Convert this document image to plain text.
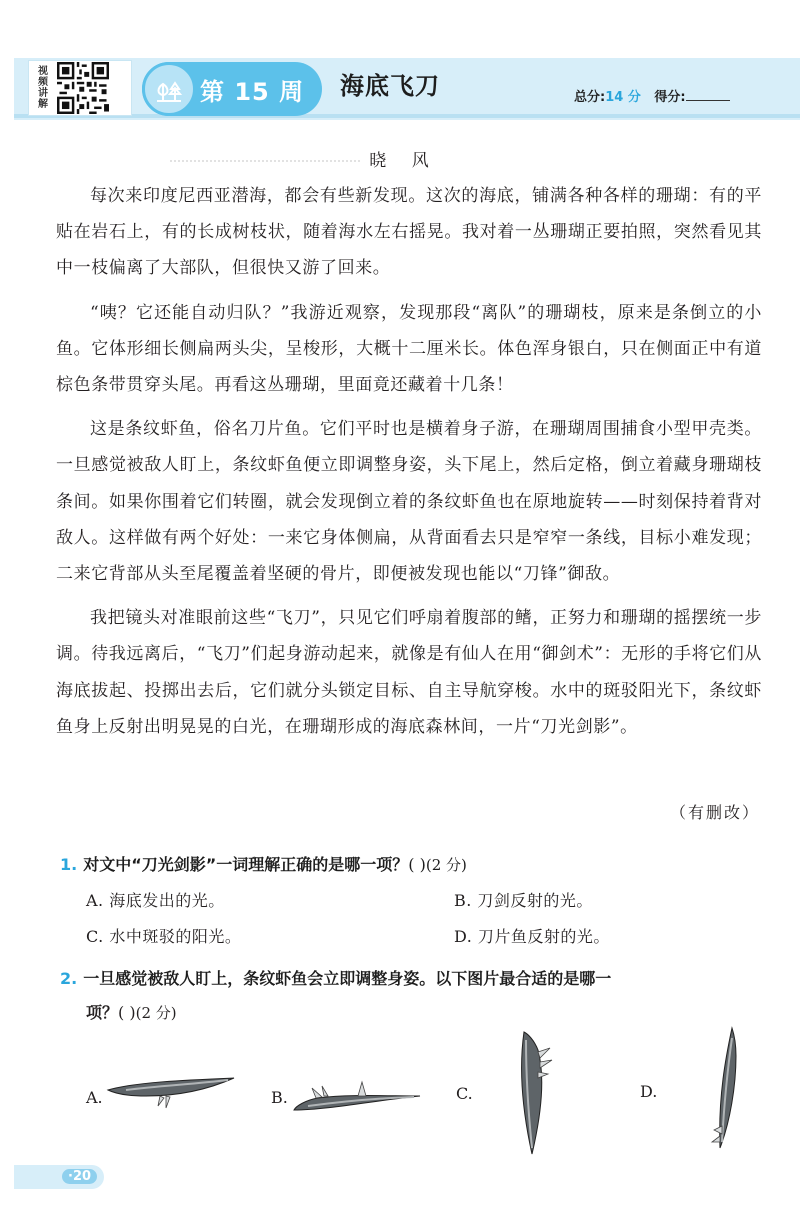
视频讲解	第 15 周 海底飞刀	总分:14 分 得分:
晓 风

每次来印度尼西亚潜海，都会有些新发现。这次的海底，铺满各种各样的珊瑚：有的平贴在岩石上，有的长成树枝状，随着海水左右摇晃。我对着一丛珊瑚正要拍照，突然看见其中一枝偏离了大部队，但很快又游了回来。

“咦？它还能自动归队？”我游近观察，发现那段“离队”的珊瑚枝，原来是条倒立的小鱼。它体形细长侧扁两头尖，呈梭形，大概十二厘米长。体色浑身银白，只在侧面正中有道棕色条带贯穿头尾。再看这丛珊瑚，里面竟还藏着十几条！

这是条纹虾鱼，俗名刀片鱼。它们平时也是横着身子游，在珊瑚周围捕食小型甲壳类。一旦感觉被敌人盯上，条纹虾鱼便立即调整身姿，头下尾上，然后定格，倒立着藏身珊瑚枝条间。如果你围着它们转圈，就会发现倒立着的条纹虾鱼也在原地旋转——时刻保持着背对敌人。这样做有两个好处：一来它身体侧扁，从背面看去只是窄窄一条线，目标小难发现；二来它背部从头至尾覆盖着坚硬的骨片，即便被发现也能以“刀锋”御敌。

我把镜头对准眼前这些“飞刀”，只见它们呼扇着腹部的鳍，正努力和珊瑚的摇摆统一步调。待我远离后，“飞刀”们起身游动起来，就像是有仙人在用“御剑术”：无形的手将它们从海底拔起、投掷出去后，它们就分头锁定目标、自主导航穿梭。水中的斑驳阳光下，条纹虾鱼身上反射出明晃晃的白光，在珊瑚形成的海底森林间，一片“刀光剑影”。

（有删改）
1. 对文中“刀光剑影”一词理解正确的是哪一项？( )(2 分)
A. 海底发出的光。	B. 刀剑反射的光。
C. 水中斑驳的阳光。	D. 刀片鱼反射的光。
2. 一旦感觉被敌人盯上，条纹虾鱼会立即调整身姿。以下图片最合适的是哪一
项？( )(2 分)
A.	B.	C.	D.
·20
